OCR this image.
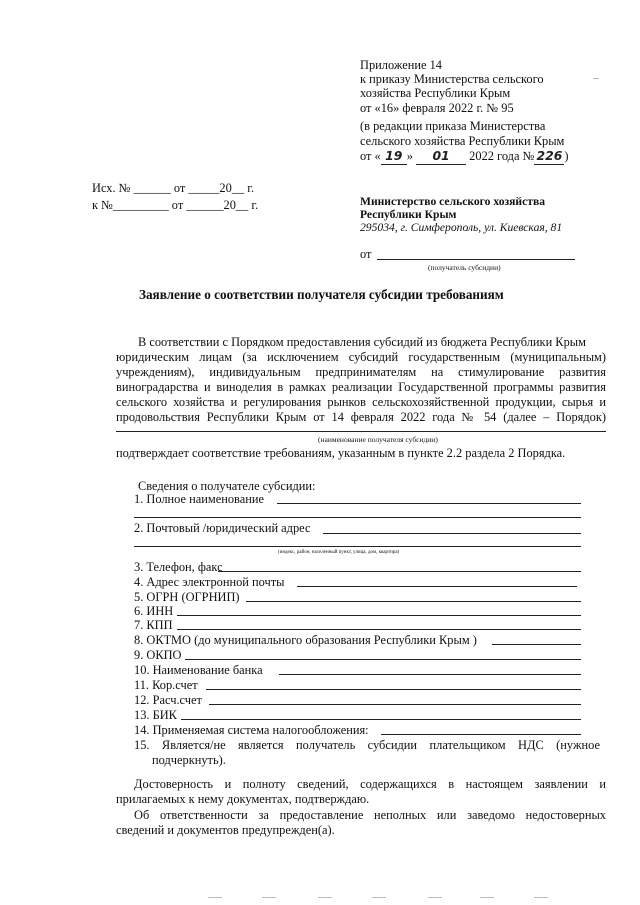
Приложение 14
к приказу Министерства сельского
хозяйства Республики Крым
от «16» февраля 2022 г. № 95
(в редакции приказа Министерства
сельского хозяйства Республики Крым
от « 19 » 01 2022 года № 226 )
Исх. № ______ от _____20__ г.
к №_________ от ______20__ г.	Министерство сельского хозяйства
Республики Крым
295034, г. Симферополь, ул. Киевская, 81
от
(получатель субсидии)
Заявление о соответствии получателя субсидии требованиям
В соответствии с Порядком предоставления субсидий из бюджета Республики Крым
юридическим лицам (за исключением субсидий государственным (муниципальным)
учреждениям), индивидуальным предпринимателям на стимулирование развития
виноградарства и виноделия в рамках реализации Государственной программы развития
сельского хозяйства и регулирования рынков сельскохозяйственной продукции, сырья и
продовольствия Республики Крым от 14 февраля 2022 года № 54 (далее – Порядок)
(наименование получателя субсидии)
подтверждает соответствие требованиям, указанным в пункте 2.2 раздела 2 Порядка.
Сведения о получателе субсидии:
1. Полное наименование
2. Почтовый /юридический адрес
(индекс, район, населенный пункт, улица, дом, квартира)
3. Телефон, факс
4. Адрес электронной почты
5. ОГРН (ОГРНИП)
6. ИНН
7. КПП
8. ОКТМО (до муниципального образования Республики Крым )
9. ОКПО
10. Наименование банка
11. Кор.счет
12. Расч.счет
13. БИК
14. Применяемая система налогообложения:
15. Является/не является получатель субсидии плательщиком НДС (нужное
подчеркнуть).
Достоверность и полноту сведений, содержащихся в настоящем заявлении и
прилагаемых к нему документах, подтверждаю.
Об ответственности за предоставление неполных или заведомо недостоверных
сведений и документов предупрежден(а).
